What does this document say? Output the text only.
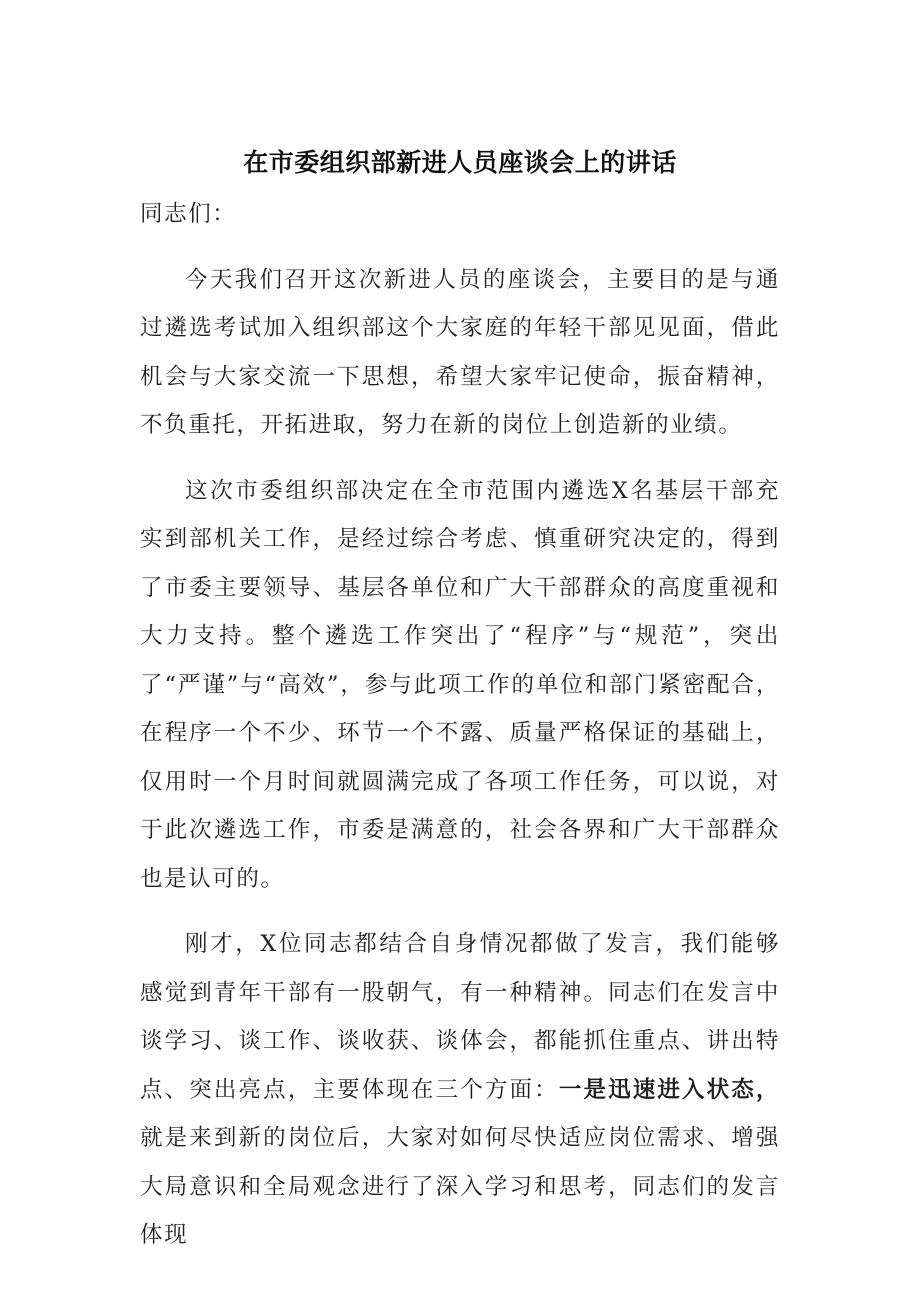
在市委组织部新进人员座谈会上的讲话

同志们：

今天我们召开这次新进人员的座谈会，主要目的是与通过遴选考试加入组织部这个大家庭的年轻干部见见面，借此机会与大家交流一下思想，希望大家牢记使命，振奋精神，不负重托，开拓进取，努力在新的岗位上创造新的业绩。

这次市委组织部决定在全市范围内遴选X名基层干部充实到部机关工作，是经过综合考虑、慎重研究决定的，得到了市委主要领导、基层各单位和广大干部群众的高度重视和大力支持。整个遴选工作突出了“程序”与“规范”，突出了“严谨”与“高效”，参与此项工作的单位和部门紧密配合，在程序一个不少、环节一个不露、质量严格保证的基础上，仅用时一个月时间就圆满完成了各项工作任务，可以说，对于此次遴选工作，市委是满意的，社会各界和广大干部群众也是认可的。

刚才，X位同志都结合自身情况都做了发言，我们能够感觉到青年干部有一股朝气，有一种精神。同志们在发言中谈学习、谈工作、谈收获、谈体会，都能抓住重点、讲出特点、突出亮点，主要体现在三个方面：一是迅速进入状态，就是来到新的岗位后，大家对如何尽快适应岗位需求、增强大局意识和全局观念进行了深入学习和思考，同志们的发言体现
